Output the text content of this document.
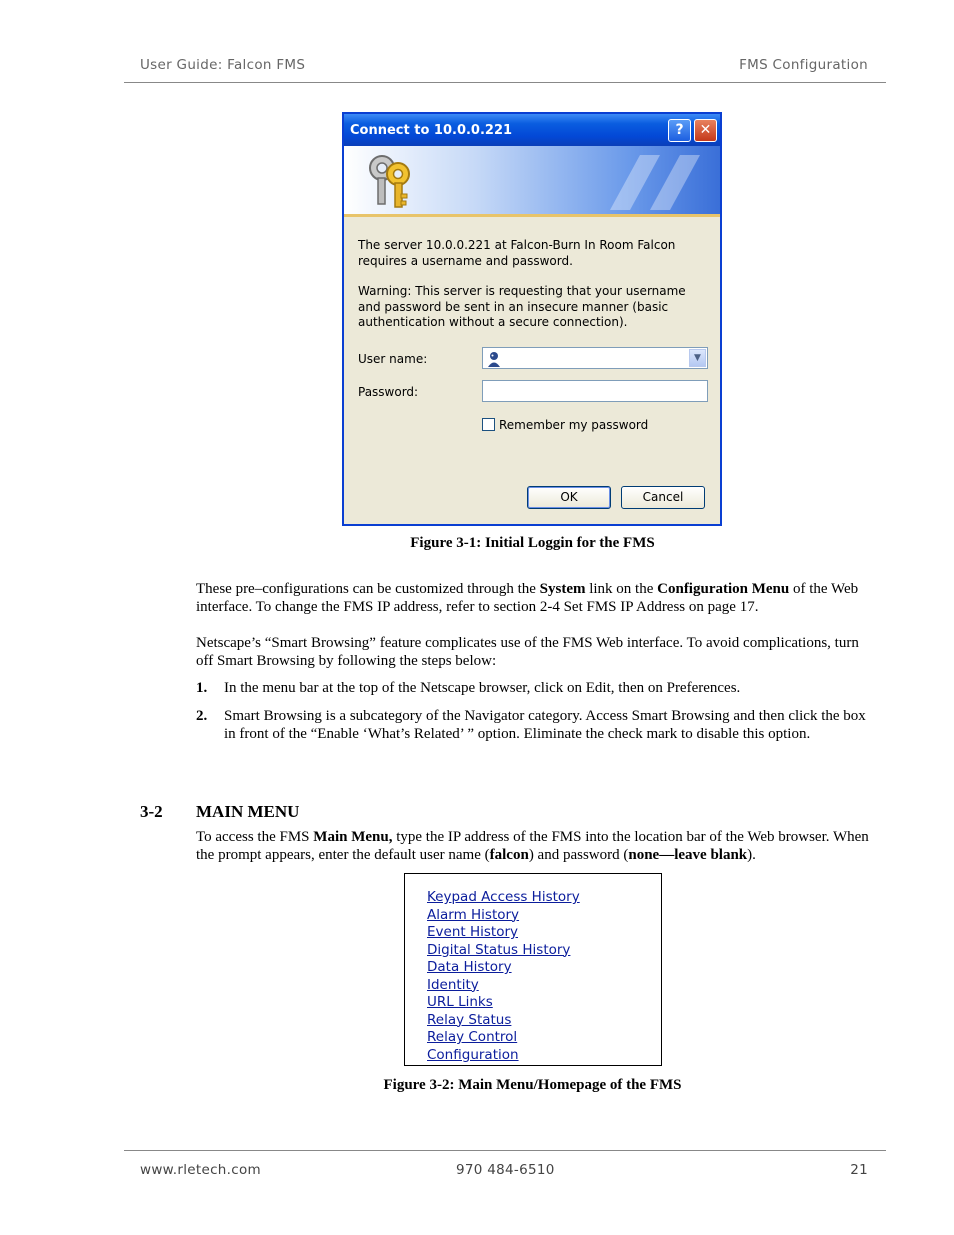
User Guide: Falcon FMS	FMS Configuration
Connect to 10.0.0.221	?	✕
The server 10.0.0.221 at Falcon-Burn In Room Falcon requires a username and password.
Warning: This server is requesting that your username and password be sent in an insecure manner (basic authentication without a secure connection).
User name:	▼
Password:
Remember my password
OK	Cancel
Figure 3-1: Initial Loggin for the FMS
These pre–configurations can be customized through the System link on the Configuration Menu of the Web interface. To change the FMS IP address, refer to section 2-4 Set FMS IP Address on page 17.
Netscape’s “Smart Browsing” feature complicates use of the FMS Web interface. To avoid complications, turn off Smart Browsing by following the steps below:
1. In the menu bar at the top of the Netscape browser, click on Edit, then on Preferences.
2. Smart Browsing is a subcategory of the Navigator category. Access Smart Browsing and then click the box in front of the “Enable ‘What’s Related’ ” option. Eliminate the check mark to disable this option.
3-2 MAIN MENU
To access the FMS Main Menu, type the IP address of the FMS into the location bar of the Web browser. When the prompt appears, enter the default user name (falcon) and password (none—leave blank).
Keypad Access History
Alarm History
Event History
Digital Status History
Data History
Identity
URL Links
Relay Status
Relay Control
Configuration
Figure 3-2: Main Menu/Homepage of the FMS
www.rletech.com	970 484-6510	21
